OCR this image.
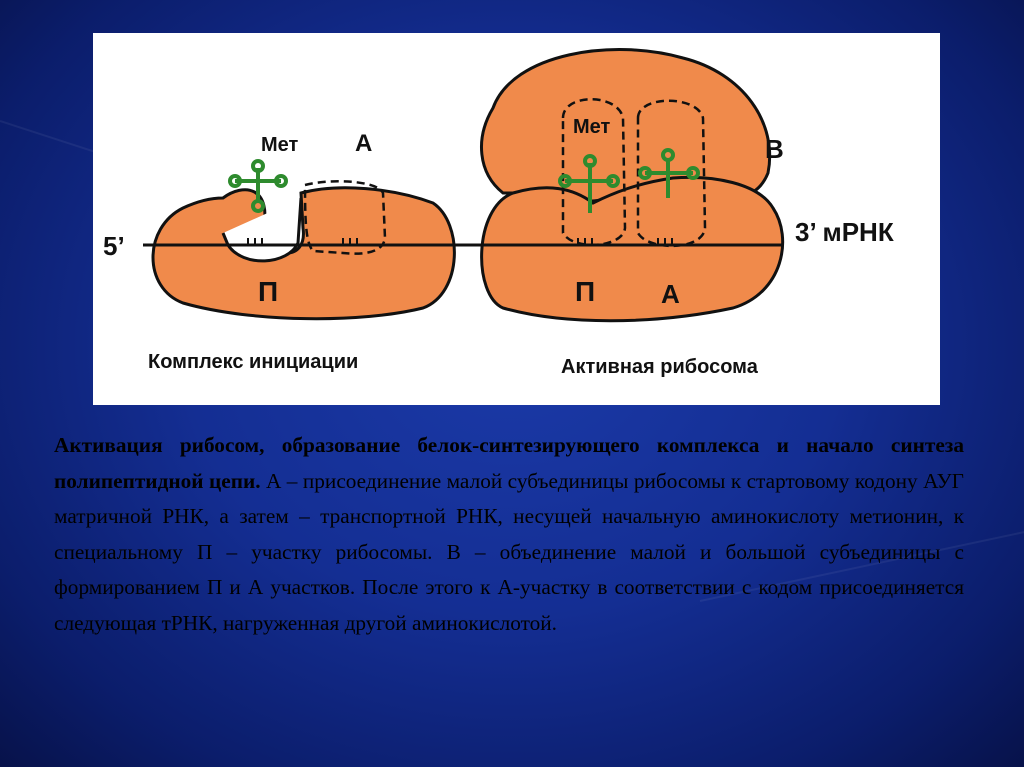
Мет А
5’	3’ мРНК
П
Комплекс инициации
Мет
В
П	А
Активная рибосома
Активация рибосом, образование белок-синтезирующего комплекса и начало синтеза полипептидной цепи. А – присоединение малой субъединицы рибосомы к стартовому кодону АУГ матричной РНК, а затем – транспортной РНК, несущей начальную аминокислоту метионин, к специальному П – участку рибосомы. В – объединение малой и большой субъединицы с формированием П и А участков. После этого к А-участку в соответствии с кодом присоединяется следующая тРНК, нагруженная другой аминокислотой.
